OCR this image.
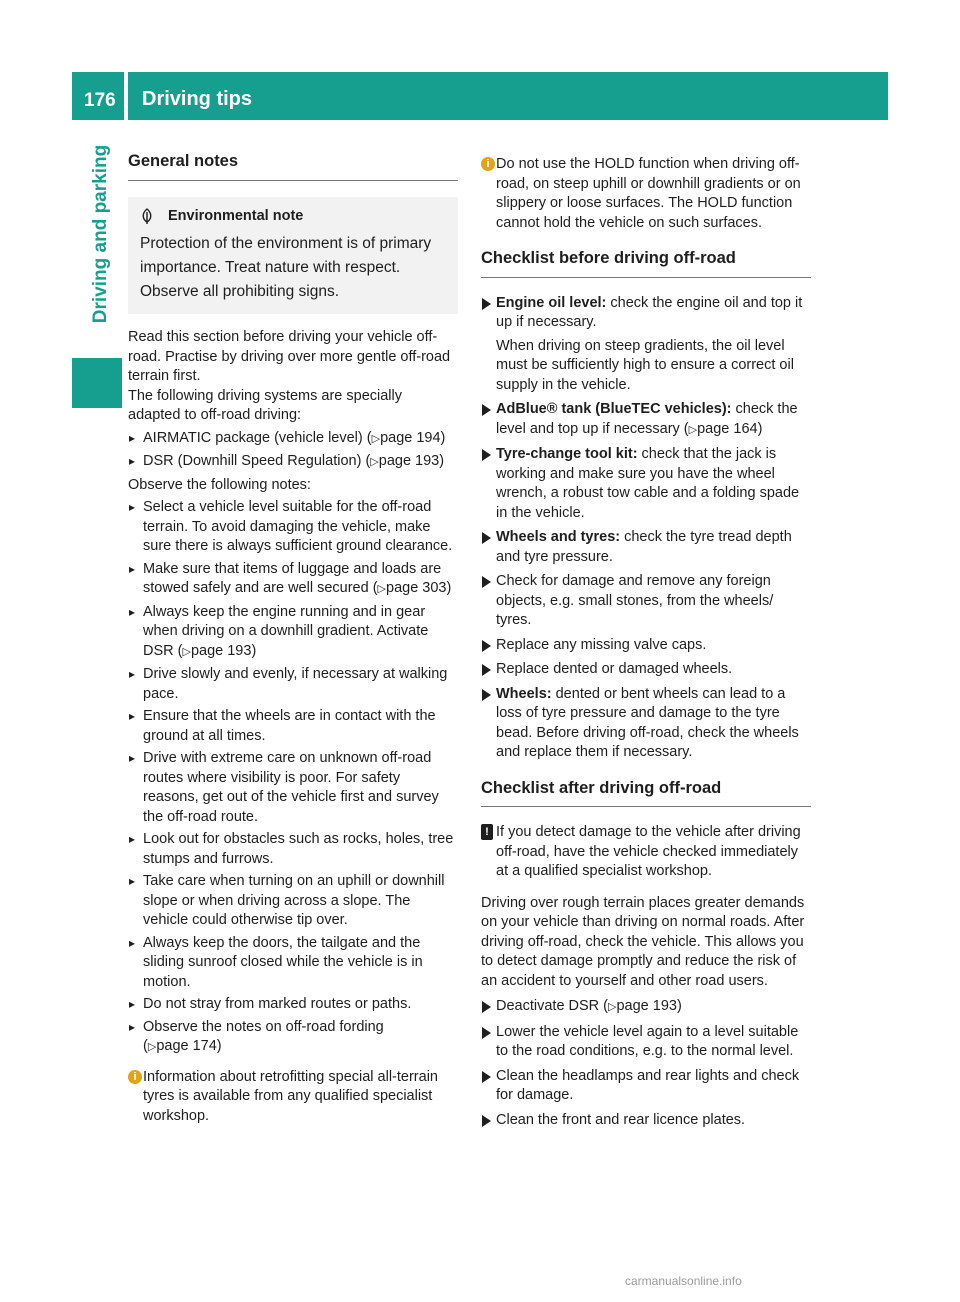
176 Driving tips
Driving and parking General notes
Environmental note

Protection of the environment is of primary importance. Treat nature with respect. Observe all prohibiting signs.

Read this section before driving your vehicle off-road. Practise by driving over more gentle off-road terrain first.

The following driving systems are specially adapted to off-road driving:

▸ AIRMATIC package (vehicle level) (▷page 194)
▸ DSR (Downhill Speed Regulation) (▷page 193)

Observe the following notes:

▸ Select a vehicle level suitable for the off-road terrain. To avoid damaging the vehicle, make sure there is always sufficient ground clearance.
▸ Make sure that items of luggage and loads are stowed safely and are well secured (▷page 303)
▸ Always keep the engine running and in gear when driving on a downhill gradient. Activate DSR (▷page 193)
▸ Drive slowly and evenly, if necessary at walking pace.
▸ Ensure that the wheels are in contact with the ground at all times.
▸ Drive with extreme care on unknown off-road routes where visibility is poor. For safety reasons, get out of the vehicle first and survey the off-road route.
▸ Look out for obstacles such as rocks, holes, tree stumps and furrows.
▸ Take care when turning on an uphill or downhill slope or when driving across a slope. The vehicle could otherwise tip over.
▸ Always keep the doors, the tailgate and the sliding sunroof closed while the vehicle is in motion.
▸ Do not stray from marked routes or paths.
▸ Observe the notes on off-road fording (▷page 174)
i Information about retrofitting special all-terrain tyres is available from any qualified specialist workshop.
i Do not use the HOLD function when driving off-road, on steep uphill or downhill gradients or on slippery or loose surfaces. The HOLD function cannot hold the vehicle on such surfaces.
Checklist before driving off-road
Engine oil level: check the engine oil and top it up if necessary.
When driving on steep gradients, the oil level must be sufficiently high to ensure a correct oil supply in the vehicle.
AdBlue® tank (BlueTEC vehicles): check the level and top up if necessary (▷page 164)
Tyre-change tool kit: check that the jack is working and make sure you have the wheel wrench, a robust tow cable and a folding spade in the vehicle.
Wheels and tyres: check the tyre tread depth and tyre pressure.
Check for damage and remove any foreign objects, e.g. small stones, from the wheels/ tyres.
Replace any missing valve caps.
Replace dented or damaged wheels.
Wheels: dented or bent wheels can lead to a loss of tyre pressure and damage to the tyre bead. Before driving off-road, check the wheels and replace them if necessary.
Checklist after driving off-road
! If you detect damage to the vehicle after driving off-road, have the vehicle checked immediately at a qualified specialist workshop.

Driving over rough terrain places greater demands on your vehicle than driving on normal roads. After driving off-road, check the vehicle. This allows you to detect damage promptly and reduce the risk of an accident to yourself and other road users.

Deactivate DSR (▷page 193)
Lower the vehicle level again to a level suitable to the road conditions, e.g. to the normal level.
Clean the headlamps and rear lights and check for damage.
Clean the front and rear licence plates.
carmanualsonline.info
